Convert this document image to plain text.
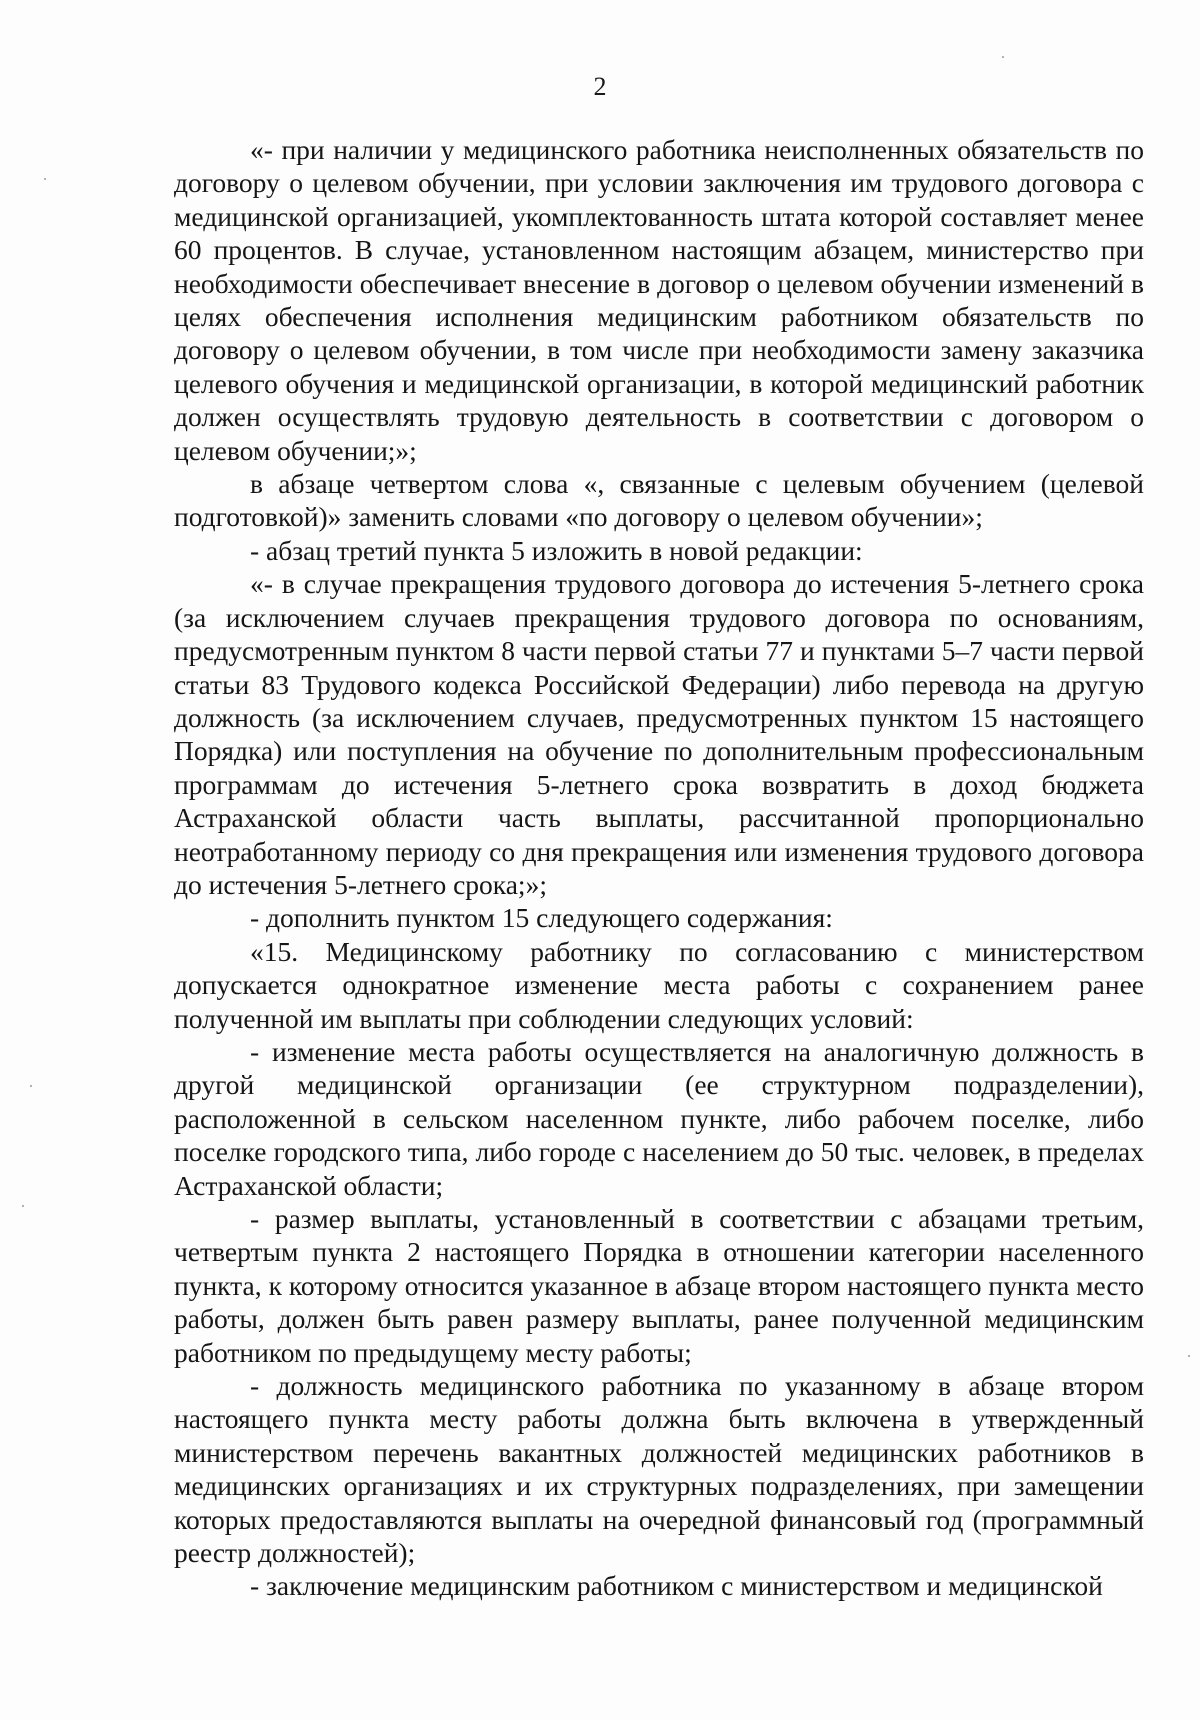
2

«- при наличии у медицинского работника неисполненных обязательств по договору о целевом обучении, при условии заключения им трудового договора с медицинской организацией, укомплектованность штата которой составляет менее 60 процентов. В случае, установленном настоящим абзацем, министерство при необходимости обеспечивает внесение в договор о целевом обучении изменений в целях обеспечения исполнения медицинским работником обязательств по договору о целевом обучении, в том числе при необходимости замену заказчика целевого обучения и медицинской организации, в которой медицинский работник должен осуществлять трудовую деятельность в соответствии с договором о целевом обучении;»;

в абзаце четвертом слова «, связанные с целевым обучением (целевой подготовкой)» заменить словами «по договору о целевом обучении»;

- абзац третий пункта 5 изложить в новой редакции:

«- в случае прекращения трудового договора до истечения 5-летнего срока (за исключением случаев прекращения трудового договора по основаниям, предусмотренным пунктом 8 части первой статьи 77 и пунктами 5–7 части первой статьи 83 Трудового кодекса Российской Федерации) либо перевода на другую должность (за исключением случаев, предусмотренных пунктом 15 настоящего Порядка) или поступления на обучение по дополнительным профессиональным программам до истечения 5-летнего срока возвратить в доход бюджета Астраханской области часть выплаты, рассчитанной пропорционально неотработанному периоду со дня прекращения или изменения трудового договора до истечения 5-летнего срока;»;

- дополнить пунктом 15 следующего содержания:

«15. Медицинскому работнику по согласованию с министерством допускается однократное изменение места работы с сохранением ранее полученной им выплаты при соблюдении следующих условий:

- изменение места работы осуществляется на аналогичную должность в другой медицинской организации (ее структурном подразделении), расположенной в сельском населенном пункте, либо рабочем поселке, либо поселке городского типа, либо городе с населением до 50 тыс. человек, в пределах Астраханской области;

- размер выплаты, установленный в соответствии с абзацами третьим, четвертым пункта 2 настоящего Порядка в отношении категории населенного пункта, к которому относится указанное в абзаце втором настоящего пункта место работы, должен быть равен размеру выплаты, ранее полученной медицинским работником по предыдущему месту работы;

- должность медицинского работника по указанному в абзаце втором настоящего пункта месту работы должна быть включена в утвержденный министерством перечень вакантных должностей медицинских работников в медицинских организациях и их структурных подразделениях, при замещении которых предоставляются выплаты на очередной финансовый год (программный реестр должностей);

- заключение медицинским работником с министерством и медицинской
